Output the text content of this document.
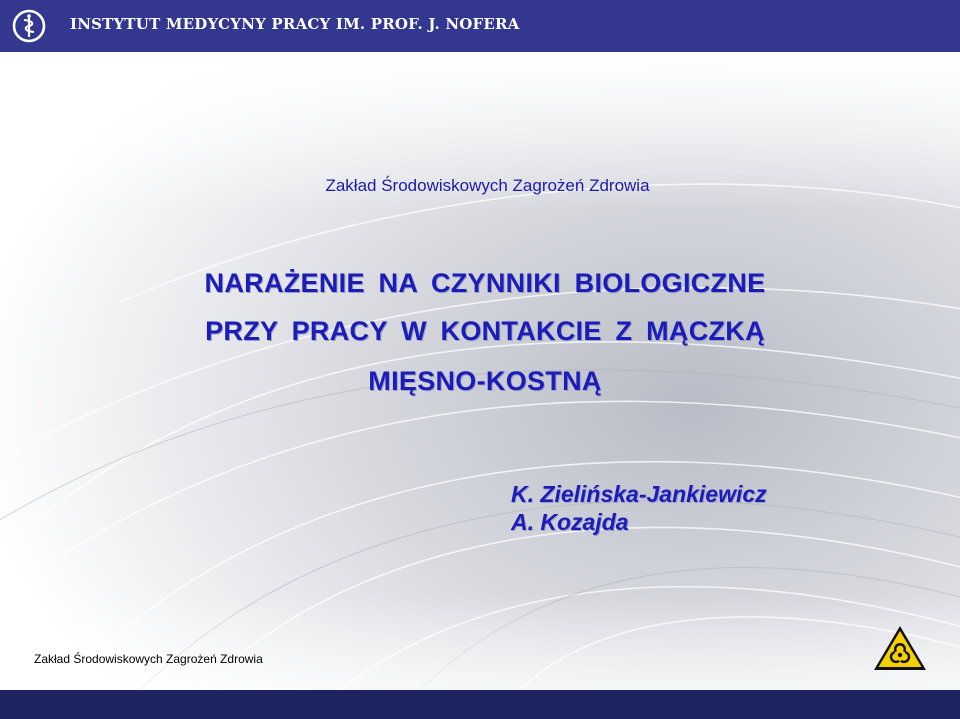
INSTYTUT MEDYCYNY PRACY IM. PROF. J. NOFERA
Zakład Środowiskowych Zagrożeń Zdrowia
NARAŻENIE NA CZYNNIKI BIOLOGICZNE
PRZY PRACY W KONTAKCIE Z MĄCZKĄ
MIĘSNO-KOSTNĄ
K. Zielińska-Jankiewicz
A. Kozajda
Zakład Środowiskowych Zagrożeń Zdrowia
